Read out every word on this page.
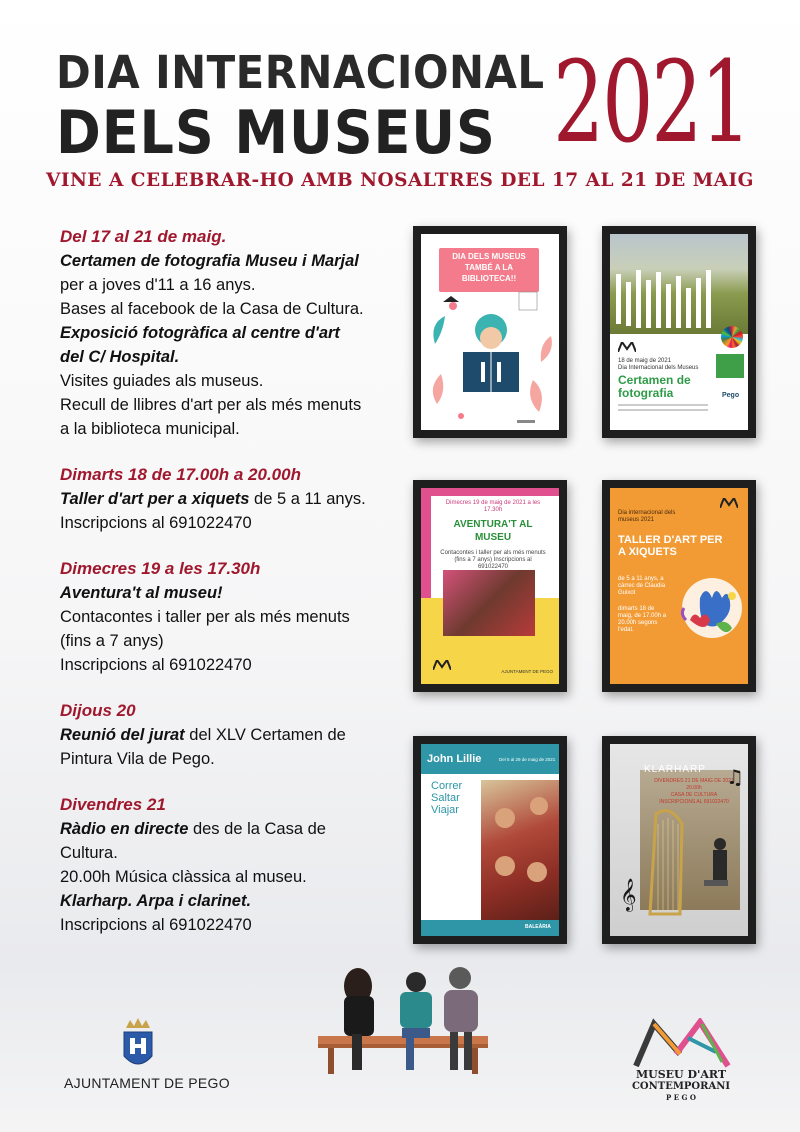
DIA INTERNACIONAL
DELS MUSEUS 2021
VINE A CELEBRAR-HO AMB NOSALTRES DEL 17 AL 21 DE MAIG
Del 17 al 21 de maig.
Certamen de fotografia Museu i Marjal
per a joves d'11 a 16 anys.
Bases al facebook de la Casa de Cultura.
Exposició fotogràfica al centre d'art
del C/ Hospital.
Visites guiades als museus.
Recull de llibres d'art per als més menuts
a la biblioteca municipal.
Dimarts 18 de 17.00h a 20.00h
Taller d'art per a xiquets de 5 a 11 anys.
Inscripcions al 691022470
Dimecres 19 a les 17.30h
Aventura't al museu!
Contacontes i taller per als més menuts
(fins a 7 anys)
Inscripcions al 691022470
Dijous 20
Reunió del jurat del XLV Certamen de
Pintura Vila de Pego.
Divendres 21
Ràdio en directe des de la Casa de
Cultura.
20.00h Música clàssica al museu.
Klarharp. Arpa i clarinet.
Inscripcions al 691022470
DIA DELS MUSEUS TAMBÉ A LA BIBLIOTECA!!
18 de maig de 2021
Dia Internacional dels Museus
Certamen de fotografia	Pego
Dimecres 19 de maig de 2021 a les 17.30h
AVENTURA'T AL MUSEU
Contacontes i taller per als més menuts (fins a 7 anys) Inscripcions al 691022470
AJUNTAMENT DE PEGO
Dia internacional dels museus 2021
TALLER D'ART PER A XIQUETS
de 5 a 11 anys, a càrrec de Claudia Guixot
dimarts 18 de maig, de 17.00h a 20.00h segons l'edat.
John Lillie	Del 5 al 29 de maig de 2021
Correr Saltar Viajar
BALEÀRIA
KLARHARP
DIVENDRES 21 DE MAIG DE 2021
20.00h
CASA DE CULTURA
INSCRIPCIONS AL 691022470
𝄞
♫
AJUNTAMENT DE PEGO
MUSEU D'ART
CONTEMPORANI
P E G O
